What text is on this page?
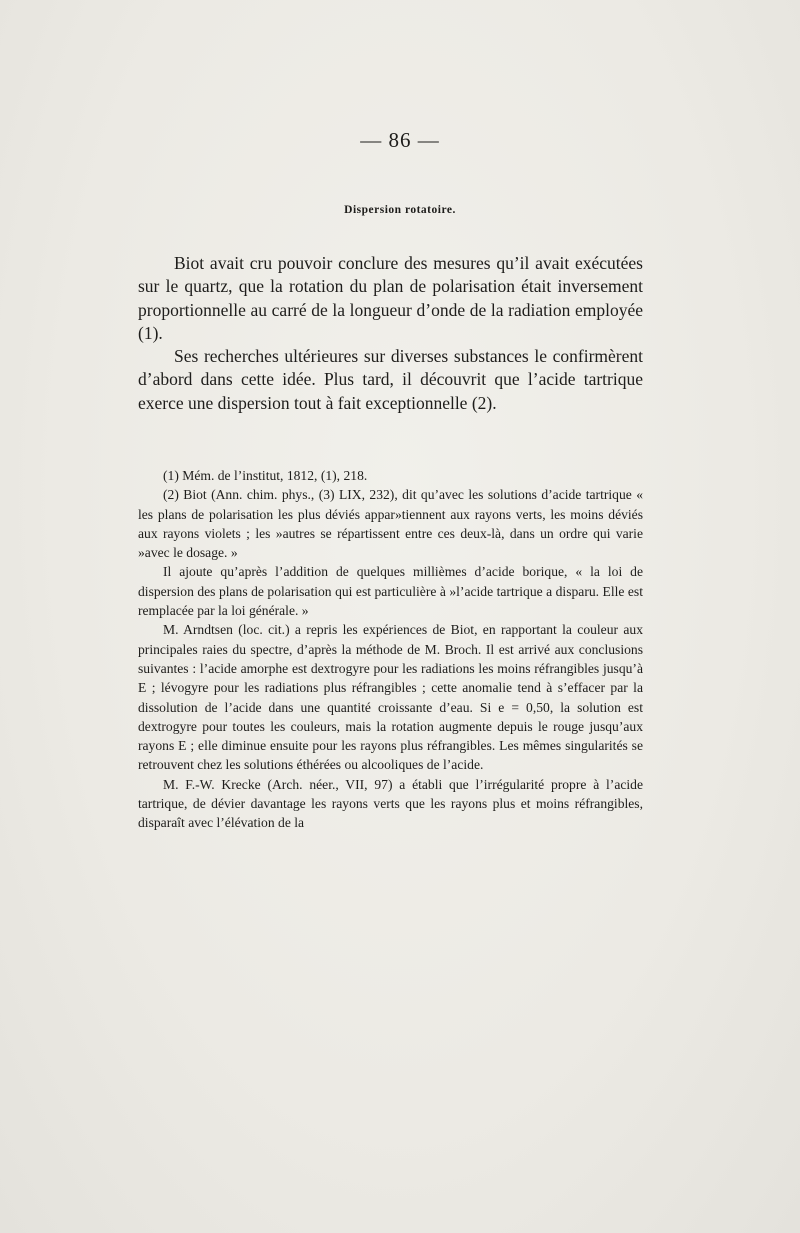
— 86 —
Dispersion rotatoire.

Biot avait cru pouvoir conclure des mesures qu’il avait exécutées sur le quartz, que la rotation du plan de polarisation était inversement proportionnelle au carré de la longueur d’onde de la radiation employée (1).

Ses recherches ultérieures sur diverses substances le confirmèrent d’abord dans cette idée. Plus tard, il découvrit que l’acide tartrique exerce une dispersion tout à fait exceptionnelle (2).

(1) Mém. de l’institut, 1812, (1), 218.

(2) Biot (Ann. chim. phys., (3) LIX, 232), dit qu’avec les solutions d’acide tartrique « les plans de polarisation les plus déviés appar»tiennent aux rayons verts, les moins déviés aux rayons violets ; les »autres se répartissent entre ces deux-là, dans un ordre qui varie »avec le dosage. »

Il ajoute qu’après l’addition de quelques millièmes d’acide borique, « la loi de dispersion des plans de polarisation qui est particulière à »l’acide tartrique a disparu. Elle est remplacée par la loi générale. »

M. Arndtsen (loc. cit.) a repris les expériences de Biot, en rapportant la couleur aux principales raies du spectre, d’après la méthode de M. Broch. Il est arrivé aux conclusions suivantes : l’acide amorphe est dextrogyre pour les radiations les moins réfrangibles jusqu’à E ; lévogyre pour les radiations plus réfrangibles ; cette anomalie tend à s’effacer par la dissolution de l’acide dans une quantité croissante d’eau. Si e = 0,50, la solution est dextrogyre pour toutes les couleurs, mais la rotation augmente depuis le rouge jusqu’aux rayons E ; elle diminue ensuite pour les rayons plus réfrangibles. Les mêmes singularités se retrouvent chez les solutions éthérées ou alcooliques de l’acide.

M. F.-W. Krecke (Arch. néer., VII, 97) a établi que l’irrégularité propre à l’acide tartrique, de dévier davantage les rayons verts que les rayons plus et moins réfrangibles, disparaît avec l’élévation de la
